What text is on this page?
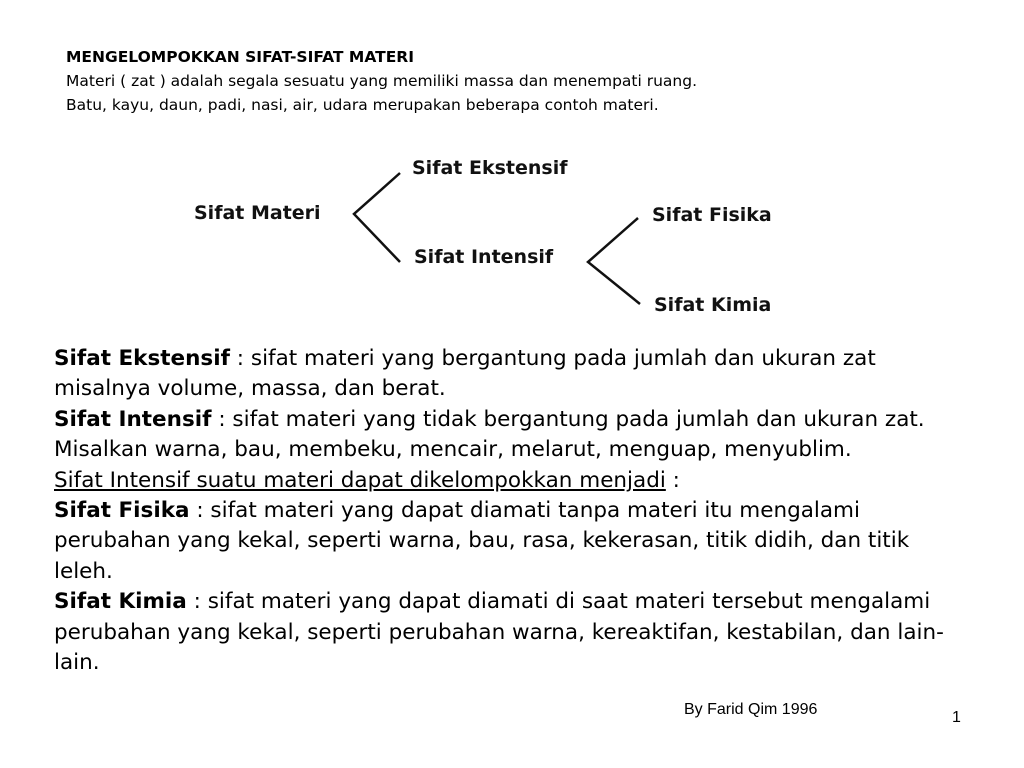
MENGELOMPOKKAN SIFAT-SIFAT MATERI
Materi ( zat ) adalah segala sesuatu yang memiliki massa dan menempati ruang.
Batu, kayu, daun, padi, nasi, air, udara merupakan beberapa contoh materi.
Sifat Materi
Sifat Ekstensif
Sifat Intensif
Sifat Fisika
Sifat Kimia

Sifat Ekstensif : sifat materi yang bergantung pada jumlah dan ukuran zat misalnya volume, massa, dan berat.

Sifat Intensif : sifat materi yang tidak bergantung pada jumlah dan ukuran zat. Misalkan warna, bau, membeku, mencair, melarut, menguap, menyublim.

Sifat Intensif suatu materi dapat dikelompokkan menjadi :

Sifat Fisika : sifat materi yang dapat diamati tanpa materi itu mengalami perubahan yang kekal, seperti warna, bau, rasa, kekerasan, titik didih, dan titik leleh.

Sifat Kimia : sifat materi yang dapat diamati di saat materi tersebut mengalami perubahan yang kekal, seperti perubahan warna, kereaktifan, kestabilan, dan lain-lain.

By Farid Qim 1996	1
